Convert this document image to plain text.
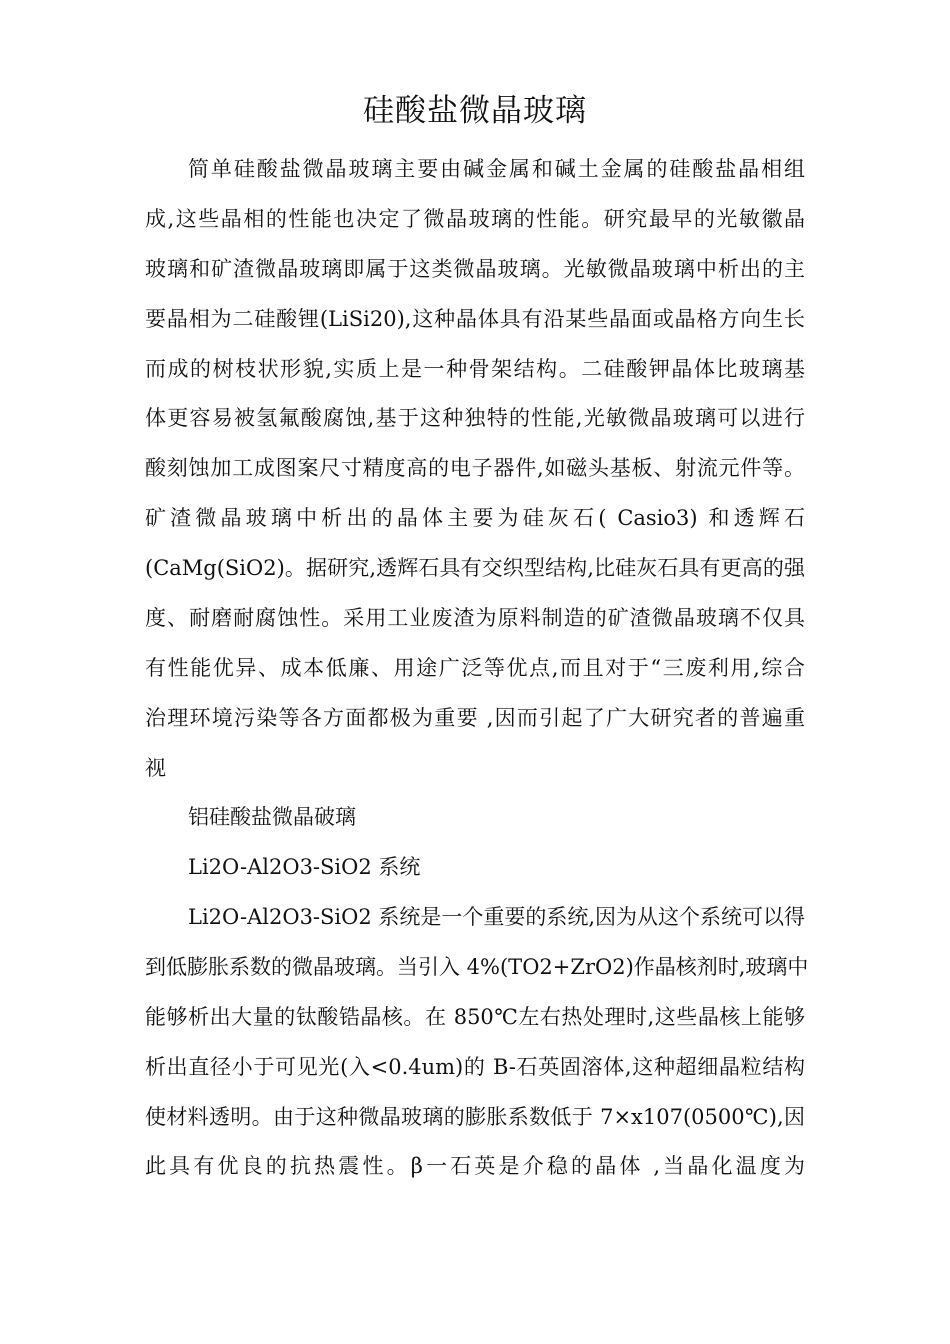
硅酸盐微晶玻璃
简单硅酸盐微晶玻璃主要由碱金属和碱土金属的硅酸盐晶相组
成,这些晶相的性能也决定了微晶玻璃的性能。研究最早的光敏徽晶
玻璃和矿渣微晶玻璃即属于这类微晶玻璃。光敏微晶玻璃中析出的主
要晶相为二硅酸锂(LiSi20),这种晶体具有沿某些晶面或晶格方向生长
而成的树枝状形貌,实质上是一种骨架结构。二硅酸钾晶体比玻璃基
体更容易被氢氟酸腐蚀,基于这种独特的性能,光敏微晶玻璃可以进行
酸刻蚀加工成图案尺寸精度高的电子器件,如磁头基板、射流元件等。
矿渣微晶玻璃中析出的晶体主要为硅灰石( Casio3) 和透辉石
(CaMg(SiO2)。据研究,透辉石具有交织型结构,比硅灰石具有更高的强
度、耐磨耐腐蚀性。采用工业废渣为原料制造的矿渣微晶玻璃不仅具
有性能优异、成本低廉、用途广泛等优点,而且对于“三废利用,综合
治理环境污染等各方面都极为重要 ,因而引起了广大研究者的普遍重
视
铝硅酸盐微晶破璃
Li2O-Al2O3-SiO2 系统
Li2O-Al2O3-SiO2 系统是一个重要的系统,因为从这个系统可以得
到低膨胀系数的微晶玻璃。当引入 4%(TO2+ZrO2)作晶核剂时,玻璃中
能够析出大量的钛酸锆晶核。在 850℃左右热处理时,这些晶核上能够
析出直径小于可见光(入<0.4um)的 B-石英固溶体,这种超细晶粒结构
使材料透明。由于这种微晶玻璃的膨胀系数低于 7×x107(0500℃),因
此具有优良的抗热震性。β一石英是介稳的晶体 ,当晶化温度为
